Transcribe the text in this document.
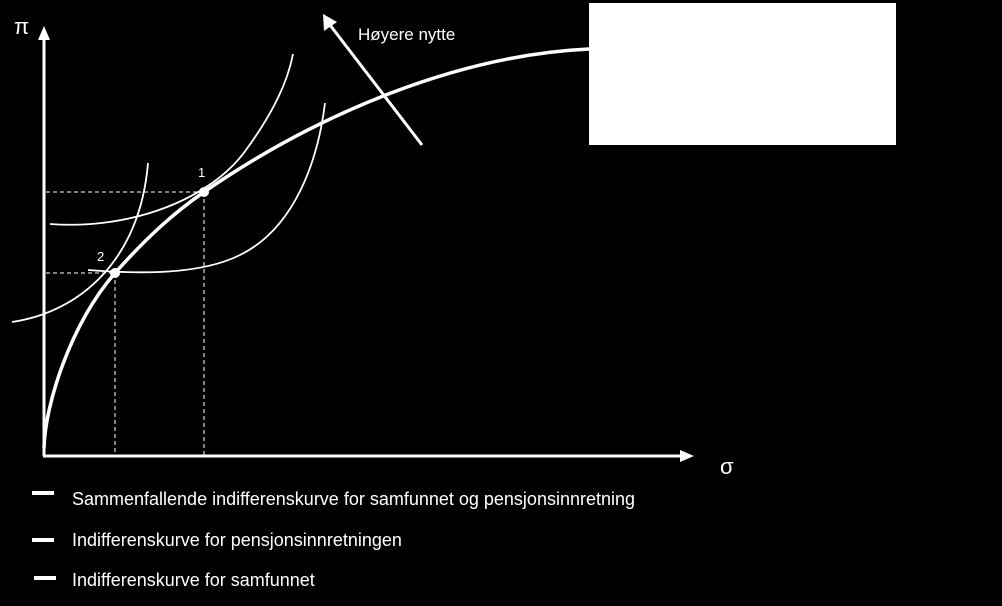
π
σ
Høyere nytte
1
2
Sammenfallende indifferenskurve for samfunnet og pensjonsinnretning
Indifferenskurve for pensjonsinnretningen
Indifferenskurve for samfunnet
